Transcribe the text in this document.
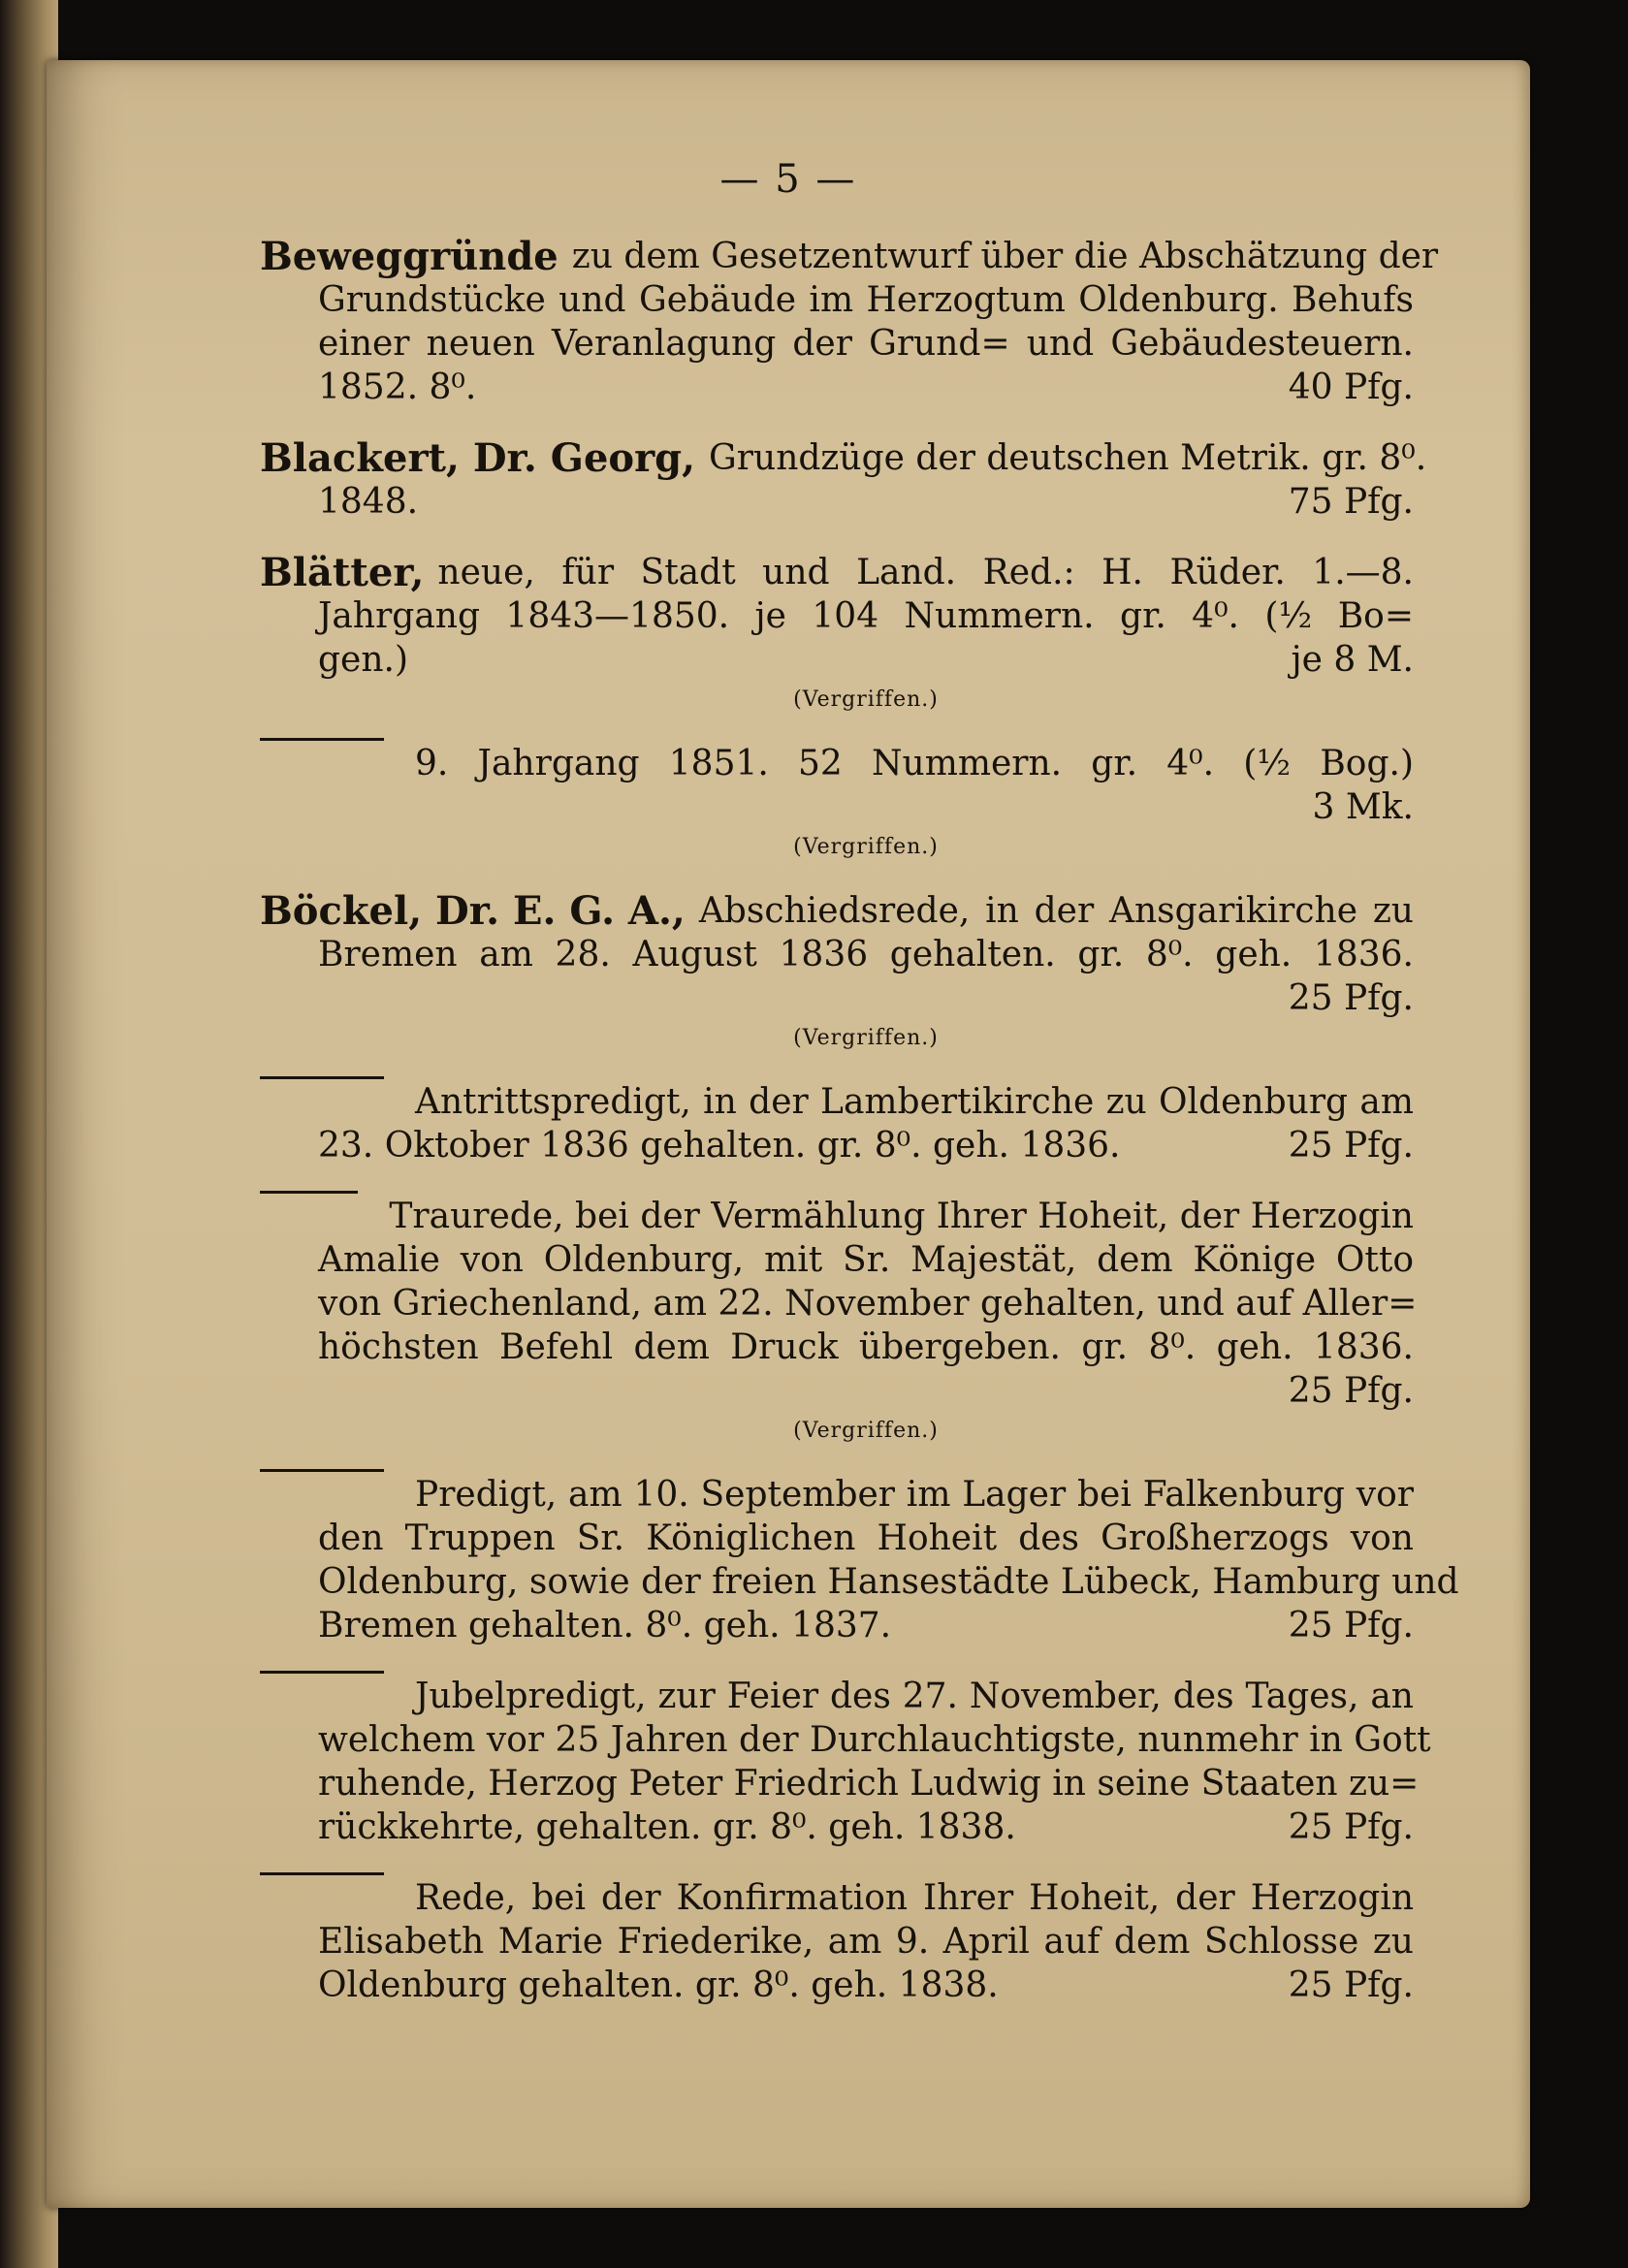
— 5 —
Beweggründe zu dem Gesetzentwurf über die Abschätzung der
Grundstücke und Gebäude im Herzogtum Oldenburg. Behufs
einer neuen Veranlagung der Grund= und Gebäudesteuern.
1852. 8⁰.	40 Pfg.
Blackert, Dr. Georg, Grundzüge der deutschen Metrik. gr. 8⁰.
1848.	75 Pfg.
Blätter, neue, für Stadt und Land. Red.: H. Rüder. 1.—8.
Jahrgang 1843—1850. je 104 Nummern. gr. 4⁰. (½ Bo=
gen.)	je 8 M.
(Vergriffen.)
9. Jahrgang 1851. 52 Nummern. gr. 4⁰. (½ Bog.)
3 Mk.
(Vergriffen.)
Böckel, Dr. E. G. A., Abschiedsrede, in der Ansgarikirche zu
Bremen am 28. August 1836 gehalten. gr. 8⁰. geh. 1836.
25 Pfg.
(Vergriffen.)
Antrittspredigt, in der Lambertikirche zu Oldenburg am
23. Oktober 1836 gehalten. gr. 8⁰. geh. 1836.	25 Pfg.
Traurede, bei der Vermählung Ihrer Hoheit, der Herzogin
Amalie von Oldenburg, mit Sr. Majestät, dem Könige Otto
von Griechenland, am 22. November gehalten, und auf Aller=
höchsten Befehl dem Druck übergeben. gr. 8⁰. geh. 1836.
25 Pfg.
(Vergriffen.)
Predigt, am 10. September im Lager bei Falkenburg vor
den Truppen Sr. Königlichen Hoheit des Großherzogs von
Oldenburg, sowie der freien Hansestädte Lübeck, Hamburg und
Bremen gehalten. 8⁰. geh. 1837.	25 Pfg.
Jubelpredigt, zur Feier des 27. November, des Tages, an
welchem vor 25 Jahren der Durchlauchtigste, nunmehr in Gott
ruhende, Herzog Peter Friedrich Ludwig in seine Staaten zu=
rückkehrte, gehalten. gr. 8⁰. geh. 1838.	25 Pfg.
Rede, bei der Konfirmation Ihrer Hoheit, der Herzogin
Elisabeth Marie Friederike, am 9. April auf dem Schlosse zu
Oldenburg gehalten. gr. 8⁰. geh. 1838.	25 Pfg.
